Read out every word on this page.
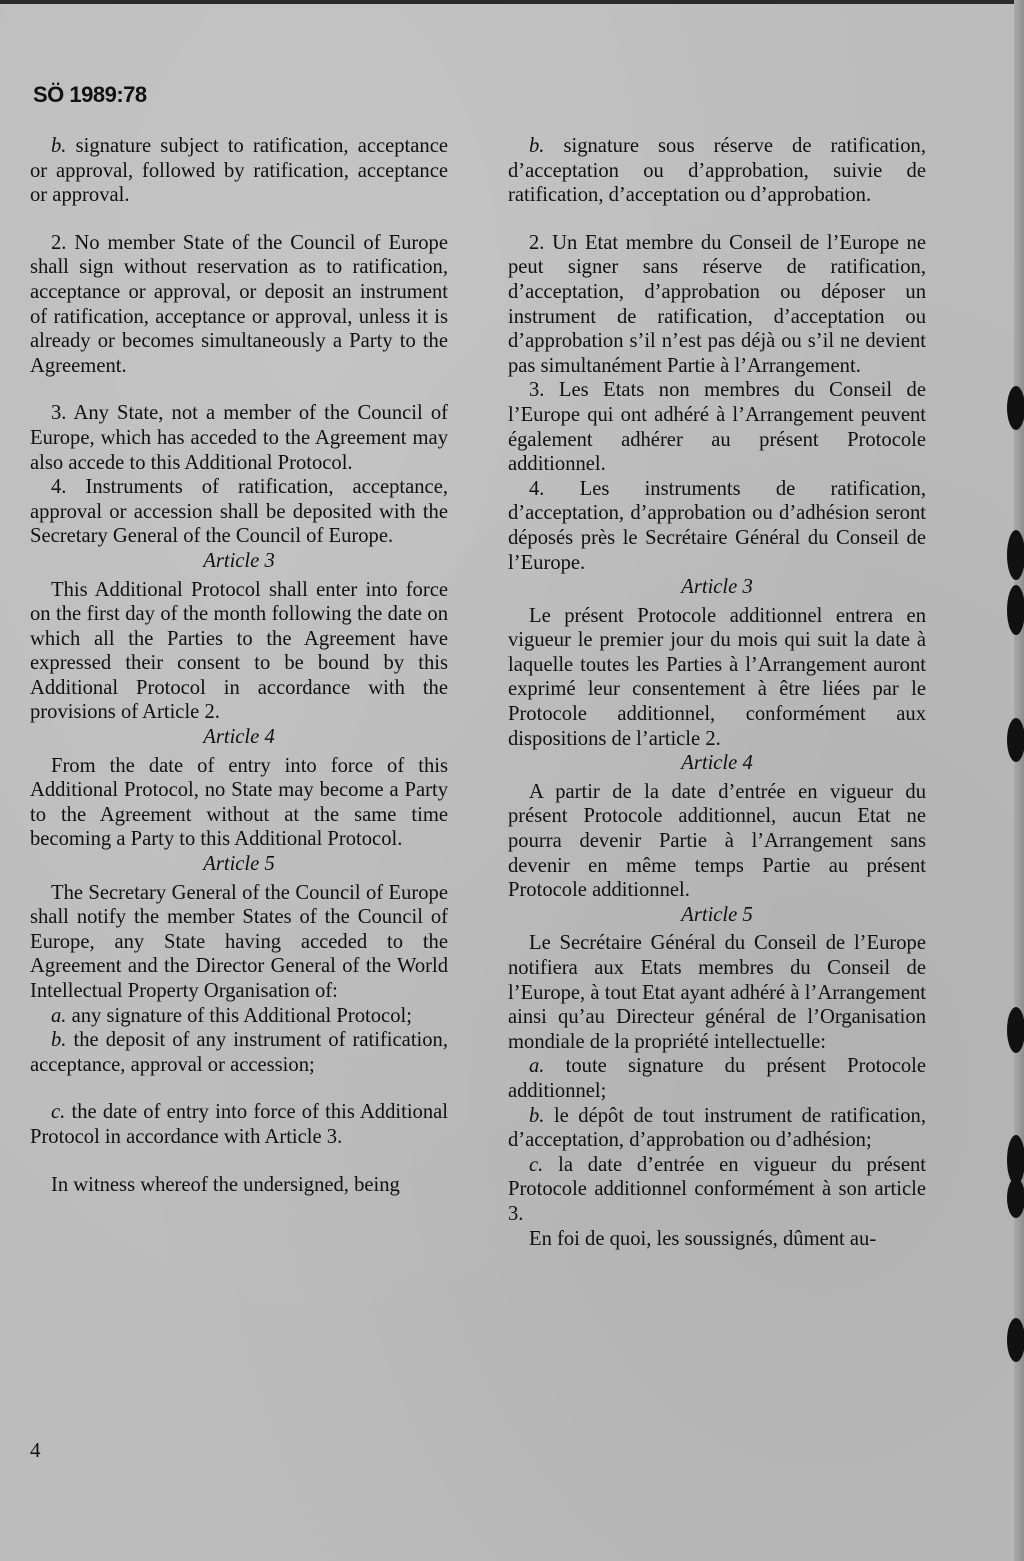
SÖ 1989:78

b. signature subject to ratification, acceptance or approval, followed by ratification, acceptance or approval.

2. No member State of the Council of Europe shall sign without reservation as to ratification, acceptance or approval, or deposit an instrument of ratification, acceptance or approval, unless it is already or becomes simultaneously a Party to the Agreement.

3. Any State, not a member of the Council of Europe, which has acceded to the Agreement may also accede to this Additional Protocol.

4. Instruments of ratification, acceptance, approval or accession shall be deposited with the Secretary General of the Council of Europe.

Article 3

This Additional Protocol shall enter into force on the first day of the month following the date on which all the Parties to the Agreement have expressed their consent to be bound by this Additional Protocol in accordance with the provisions of Article 2.

Article 4

From the date of entry into force of this Additional Protocol, no State may become a Party to the Agreement without at the same time becoming a Party to this Additional Protocol.

Article 5

The Secretary General of the Council of Europe shall notify the member States of the Council of Europe, any State having acceded to the Agreement and the Director General of the World Intellectual Property Organisation of:

a. any signature of this Additional Protocol;

b. the deposit of any instrument of ratification, acceptance, approval or accession;

c. the date of entry into force of this Additional Protocol in accordance with Article 3.

In witness whereof the undersigned, being

b. signature sous réserve de ratification, d’acceptation ou d’approbation, suivie de ratification, d’acceptation ou d’approbation.

2. Un Etat membre du Conseil de l’Europe ne peut signer sans réserve de ratification, d’acceptation, d’approbation ou déposer un instrument de ratification, d’acceptation ou d’approbation s’il n’est pas déjà ou s’il ne devient pas simultanément Partie à l’Arrangement.

3. Les Etats non membres du Conseil de l’Europe qui ont adhéré à l’Arrangement peuvent également adhérer au présent Protocole additionnel.

4. Les instruments de ratification, d’acceptation, d’approbation ou d’adhésion seront déposés près le Secrétaire Général du Conseil de l’Europe.

Article 3

Le présent Protocole additionnel entrera en vigueur le premier jour du mois qui suit la date à laquelle toutes les Parties à l’Arrangement auront exprimé leur consentement à être liées par le Protocole additionnel, conformément aux dispositions de l’article 2.

Article 4

A partir de la date d’entrée en vigueur du présent Protocole additionnel, aucun Etat ne pourra devenir Partie à l’Arrangement sans devenir en même temps Partie au présent Protocole additionnel.

Article 5

Le Secrétaire Général du Conseil de l’Europe notifiera aux Etats membres du Conseil de l’Europe, à tout Etat ayant adhéré à l’Arrangement ainsi qu’au Directeur général de l’Organisation mondiale de la propriété intellectuelle:

a. toute signature du présent Protocole additionnel;

b. le dépôt de tout instrument de ratification, d’acceptation, d’approbation ou d’adhésion;

c. la date d’entrée en vigueur du présent Protocole additionnel conformément à son article 3.

En foi de quoi, les soussignés, dûment au-

4
